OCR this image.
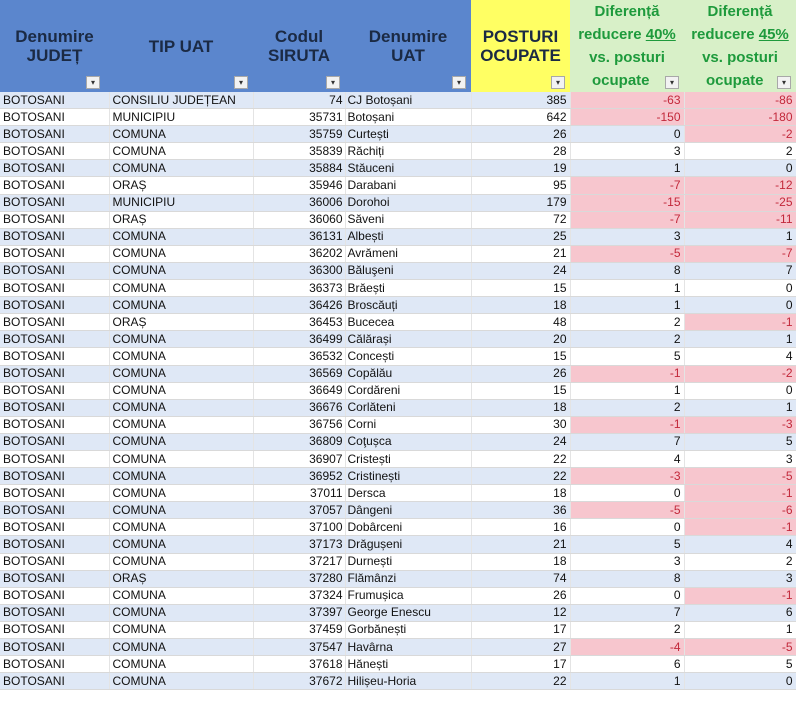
Denumire
JUDEȚ
▾	TIP UAT
▾	Codul
SIRUTA
▾	Denumire
UAT
▾	POSTURI
OCUPATE
▾	Diferență
reducere 40%
vs. posturi
ocupate ▾	Diferență
reducere 45%
vs. posturi
ocupate ▾

BOTOSANI	CONSILIU JUDEȚEAN	74	CJ Botoșani	385	-63	-86
BOTOSANI	MUNICIPIU	35731	Botoșani	642	-150	-180
BOTOSANI	COMUNA	35759	Curtești	26	0	-2
BOTOSANI	COMUNA	35839	Răchiți	28	3	2
BOTOSANI	COMUNA	35884	Stăuceni	19	1	0
BOTOSANI	ORAȘ	35946	Darabani	95	-7	-12
BOTOSANI	MUNICIPIU	36006	Dorohoi	179	-15	-25
BOTOSANI	ORAȘ	36060	Săveni	72	-7	-11
BOTOSANI	COMUNA	36131	Albești	25	3	1
BOTOSANI	COMUNA	36202	Avrămeni	21	-5	-7
BOTOSANI	COMUNA	36300	Băluşeni	24	8	7
BOTOSANI	COMUNA	36373	Brăești	15	1	0
BOTOSANI	COMUNA	36426	Broscăuți	18	1	0
BOTOSANI	ORAȘ	36453	Bucecea	48	2	-1
BOTOSANI	COMUNA	36499	Călărași	20	2	1
BOTOSANI	COMUNA	36532	Concești	15	5	4
BOTOSANI	COMUNA	36569	Copălău	26	-1	-2
BOTOSANI	COMUNA	36649	Cordăreni	15	1	0
BOTOSANI	COMUNA	36676	Corlăteni	18	2	1
BOTOSANI	COMUNA	36756	Corni	30	-1	-3
BOTOSANI	COMUNA	36809	Coţușca	24	7	5
BOTOSANI	COMUNA	36907	Cristești	22	4	3
BOTOSANI	COMUNA	36952	Cristinești	22	-3	-5
BOTOSANI	COMUNA	37011	Dersca	18	0	-1
BOTOSANI	COMUNA	37057	Dângeni	36	-5	-6
BOTOSANI	COMUNA	37100	Dobârceni	16	0	-1
BOTOSANI	COMUNA	37173	Drăgușeni	21	5	4
BOTOSANI	COMUNA	37217	Durnești	18	3	2
BOTOSANI	ORAȘ	37280	Flămânzi	74	8	3
BOTOSANI	COMUNA	37324	Frumușica	26	0	-1
BOTOSANI	COMUNA	37397	George Enescu	12	7	6
BOTOSANI	COMUNA	37459	Gorbănești	17	2	1
BOTOSANI	COMUNA	37547	Havârna	27	-4	-5
BOTOSANI	COMUNA	37618	Hănești	17	6	5
BOTOSANI	COMUNA	37672	Hilișeu-Horia	22	1	0
